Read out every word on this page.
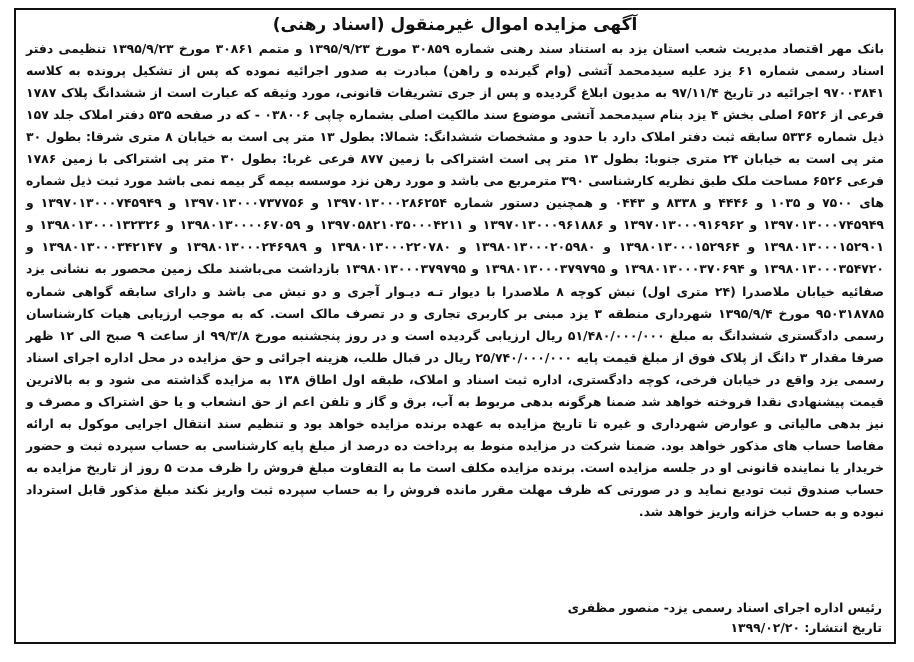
آگهی مزایده اموال غیرمنقول (اسناد رهنی)
بانک مهر اقتصاد مدیریت شعب استان یزد به استناد سند رهنی شماره ۳۰۸۵۹ مورخ ۱۳۹۵/۹/۲۳ و متمم ۳۰۸۶۱ مورخ ۱۳۹۵/۹/۲۳ تنظیمی دفتر اسناد رسمی شماره ۶۱ یزد علیه سیدمحمد آتشی (وام گیرنده و راهن) مبادرت به صدور اجرائیه نموده که پس از تشکیل پرونده به کلاسه ۹۷۰۰۳۸۴۱ اجرائیه در تاریخ ۹۷/۱۱/۴ به مدیون ابلاغ گردیده و پس از جری تشریفات قانونی، مورد وثیقه که عبارت است از ششدانگ پلاک ۱۷۸۷ فرعی از ۶۵۲۶ اصلی بخش ۴ یزد بنام سیدمحمد آتشی موضوع سند مالکیت اصلی بشماره چاپی ۰۳۸۰۰۶ - که در صفحه ۵۳۵ دفتر املاک جلد ۱۵۷ ذیل شماره ۵۳۳۶ سابقه ثبت دفتر املاک دارد با حدود و مشخصات ششدانگ: شمالا: بطول ۱۳ متر پی است به خیابان ۸ متری شرقا: بطول ۳۰ متر پی است به خیابان ۲۴ متری جنوبا: بطول ۱۳ متر پی است اشتراکی با زمین ۸۷۷ فرعی غربا: بطول ۳۰ متر پی اشتراکی با زمین ۱۷۸۶ فرعی ۶۵۲۶ مساحت ملک طبق نظریه کارشناسی ۳۹۰ مترمربع می باشد و مورد رهن نزد موسسه بیمه گر بیمه نمی باشد مورد ثبت ذیل شماره های ۷۵۰۰ و ۱۰۳۵ و ۴۴۴۶ و ۸۳۳۸ و ۰۴۴۳ و همچنین دستور شماره ۱۳۹۷۰۱۳۰۰۰۲۸۶۲۵۴ و ۱۳۹۷۰۱۳۰۰۰۷۳۷۷۵۶ و ۱۳۹۷۰۱۳۰۰۰۷۴۵۹۴۹ و ۱۳۹۷۰۱۳۰۰۰۷۴۵۹۴۹ و ۱۳۹۷۰۱۳۰۰۰۹۱۶۹۶۲ و ۱۳۹۷۰۱۳۰۰۰۹۶۱۸۸۶ و ۱۳۹۷۰۵۸۲۱۰۳۵۰۰۰۴۲۱۱ و ۱۳۹۸۰۱۳۰۰۰۰۶۷۰۵۹ و ۱۳۹۸۰۱۳۰۰۰۱۳۲۳۲۶ و ۱۳۹۸۰۱۳۰۰۰۱۵۲۹۰۱ و ۱۳۹۸۰۱۳۰۰۰۱۵۲۹۶۴ و ۱۳۹۸۰۱۳۰۰۰۲۰۵۹۸۰ و ۱۳۹۸۰۱۳۰۰۰۲۲۰۷۸۰ و ۱۳۹۸۰۱۳۰۰۰۲۴۶۹۸۹ و ۱۳۹۸۰۱۳۰۰۰۳۴۲۱۴۷ و ۱۳۹۸۰۱۳۰۰۰۳۵۴۷۲۰ و ۱۳۹۸۰۱۳۰۰۰۳۷۰۶۹۴ و ۱۳۹۸۰۱۳۰۰۰۳۷۹۷۹۵ و ۱۳۹۸۰۱۳۰۰۰۳۷۹۷۹۵ بازداشت می‌باشند ملک زمین محصور به نشانی یزد صفائیه خیابان ملاصدرا (۲۴ متری اول) نبش کوچه ۸ ملاصدرا با دیوار تـه دیـوار آجری و دو نبش می باشد و دارای سابقه گواهی شماره ۹۵۰۳۱۸۷۸۵ مورخ ۱۳۹۵/۹/۴ شهرداری منطقه ۳ یزد مبنی بر کاربری تجاری و در تصرف مالک است. که به موجب ارزیابی هیات کارشناسان رسمی دادگستری ششدانگ به مبلغ ۵۱/۴۸۰/۰۰۰/۰۰۰ ریال ارزیابی گردیده است و در روز پنجشنبه مورخ ۹۹/۳/۸ از ساعت ۹ صبح الی ۱۲ ظهر صرفا مقدار ۳ دانگ از پلاک فوق از مبلغ قیمت پایه ۲۵/۷۴۰/۰۰۰/۰۰۰ ریال در قبال طلب، هزینه اجرائی و حق مزایده در محل اداره اجرای اسناد رسمی یزد واقع در خیابان فرخی، کوچه دادگستری، اداره ثبت اسناد و املاک، طبقه اول اطاق ۱۳۸ به مزایده گذاشته می شود و به بالاترین قیمت پیشنهادی نقدا فروخته خواهد شد ضمنا هرگونه بدهی مربوط به آب، برق و گاز و تلفن اعم از حق انشعاب و یا حق اشتراک و مصرف و نیز بدهی مالیاتی و عوارض شهرداری و غیره تا تاریخ مزایده به عهده برنده مزایده خواهد بود و تنظیم سند انتقال اجرایی موکول به ارائه مفاصا حساب های مذکور خواهد بود. ضمنا شرکت در مزایده منوط به پرداخت ده درصد از مبلغ پایه کارشناسی به حساب سپرده ثبت و حضور خریدار یا نماینده قانونی او در جلسه مزایده است. برنده مزایده مکلف است ما به التفاوت مبلغ فروش را ظرف مدت ۵ روز از تاریخ مزایده به حساب صندوق ثبت تودیع نماید و در صورتی که ظرف مهلت مقرر مانده فروش را به حساب سپرده ثبت واریز نکند مبلغ مذکور قابل استرداد نبوده و به حساب خزانه واریز خواهد شد.
رئیس اداره اجرای اسناد رسمی یزد- منصور مظفری
تاریخ انتشار: ۱۳۹۹/۰۲/۲۰
